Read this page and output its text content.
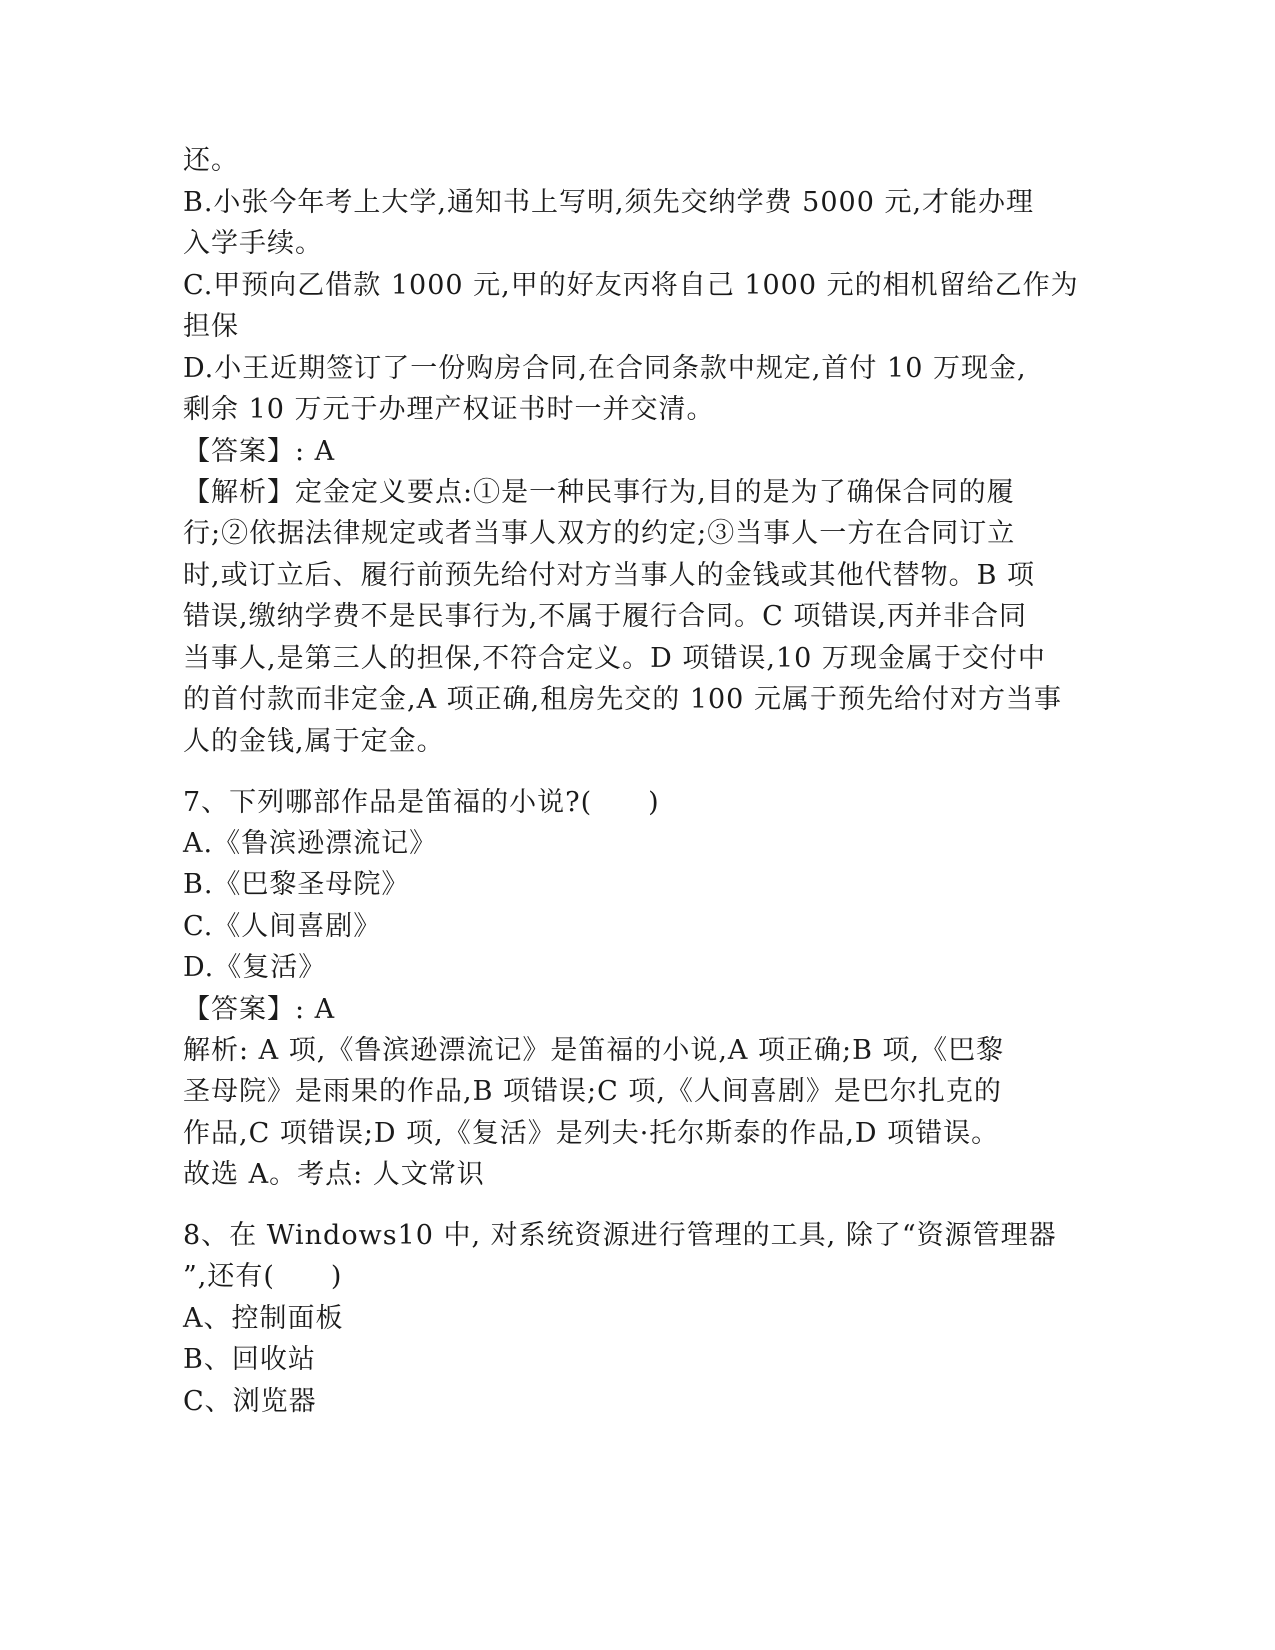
还。
B.小张今年考上大学,通知书上写明,须先交纳学费 5000 元,才能办理
入学手续。
C.甲预向乙借款 1000 元,甲的好友丙将自己 1000 元的相机留给乙作为
担保
D.小王近期签订了一份购房合同,在合同条款中规定,首付 10 万现金,
剩余 10 万元于办理产权证书时一并交清。
【答案】: A
【解析】定金定义要点:①是一种民事行为,目的是为了确保合同的履
行;②依据法律规定或者当事人双方的约定;③当事人一方在合同订立
时,或订立后、履行前预先给付对方当事人的金钱或其他代替物。B 项
错误,缴纳学费不是民事行为,不属于履行合同。C 项错误,丙并非合同
当事人,是第三人的担保,不符合定义。D 项错误,10 万现金属于交付中
的首付款而非定金,A 项正确,租房先交的 100 元属于预先给付对方当事
人的金钱,属于定金。
7、下列哪部作品是笛福的小说?(　　)
A.《鲁滨逊漂流记》
B.《巴黎圣母院》
C.《人间喜剧》
D.《复活》
【答案】: A
解析: A 项,《鲁滨逊漂流记》是笛福的小说,A 项正确;B 项,《巴黎
圣母院》是雨果的作品,B 项错误;C 项,《人间喜剧》是巴尔扎克的
作品,C 项错误;D 项,《复活》是列夫·托尔斯泰的作品,D 项错误。
故选 A。考点: 人文常识
8、在 Windows10 中, 对系统资源进行管理的工具, 除了“资源管理器
”,还有(　　)
A、控制面板
B、回收站
C、浏览器
